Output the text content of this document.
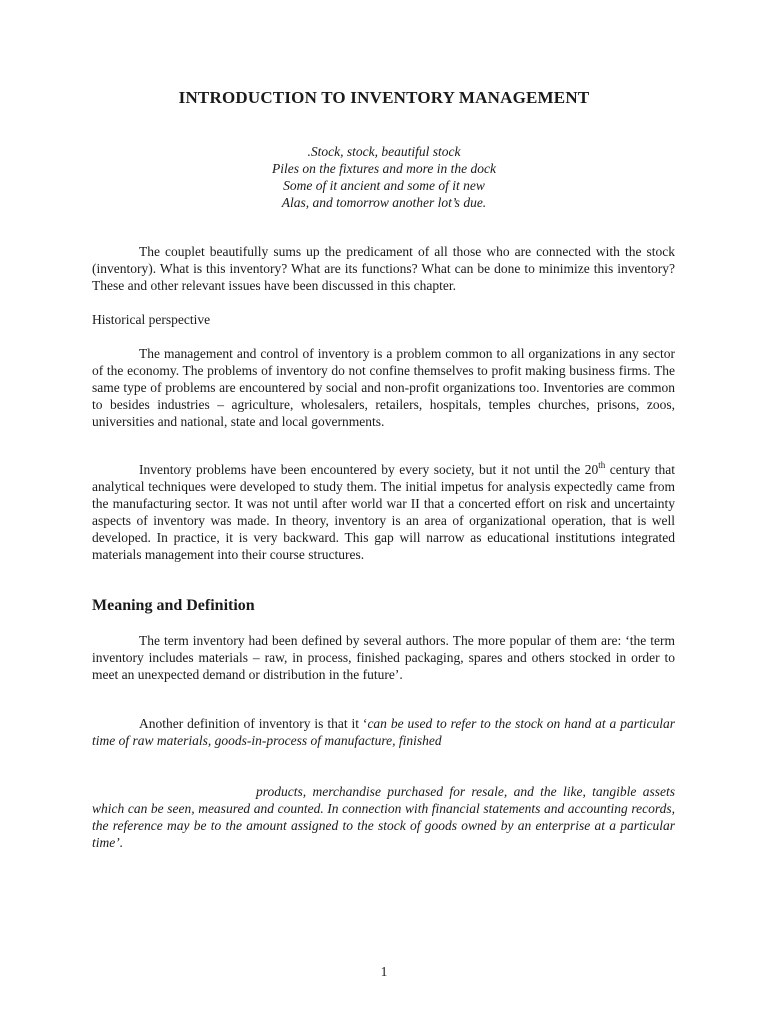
INTRODUCTION TO INVENTORY MANAGEMENT
.Stock, stock, beautiful stock
Piles on the fixtures and more in the dock
Some of it ancient and some of it new
Alas, and tomorrow another lot’s due.

The couplet beautifully sums up the predicament of all those who are connected with the stock (inventory). What is this inventory? What are its functions? What can be done to minimize this inventory? These and other relevant issues have been discussed in this chapter.

Historical perspective

The management and control of inventory is a problem common to all organizations in any sector of the economy. The problems of inventory do not confine themselves to profit making business firms. The same type of problems are encountered by social and non-profit organizations too. Inventories are common to besides industries – agriculture, wholesalers, retailers, hospitals, temples churches, prisons, zoos, universities and national, state and local governments.

Inventory problems have been encountered by every society, but it not until the 20th century that analytical techniques were developed to study them. The initial impetus for analysis expectedly came from the manufacturing sector. It was not until after world war II that a concerted effort on risk and uncertainty aspects of inventory was made. In theory, inventory is an area of organizational operation, that is well developed. In practice, it is very backward. This gap will narrow as educational institutions integrated materials management into their course structures.

Meaning and Definition

The term inventory had been defined by several authors. The more popular of them are: ‘the term inventory includes materials – raw, in process, finished packaging, spares and others stocked in order to meet an unexpected demand or distribution in the future’.

Another definition of inventory is that it ‘can be used to refer to the stock on hand at a particular time of raw materials, goods-in-process of manufacture, finished

products, merchandise purchased for resale, and the like, tangible assets which can be seen, measured and counted. In connection with financial statements and accounting records, the reference may be to the amount assigned to the stock of goods owned by an enterprise at a particular time’.

1
